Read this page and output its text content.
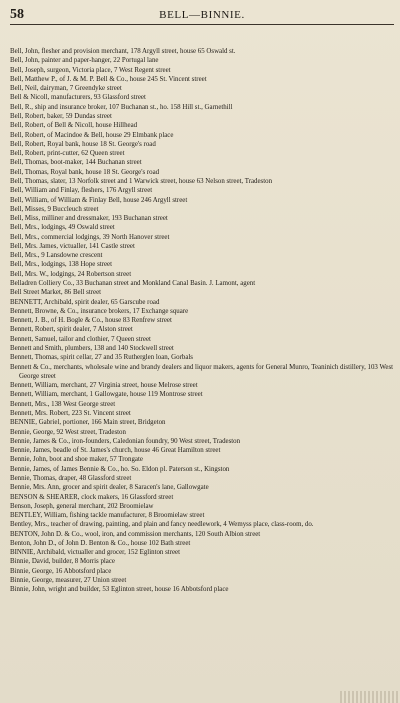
58	BELL—BINNIE.
Bell, John, flesher and provision merchant, 178 Argyll street, house 65 Oswald st.
Bell, John, painter and paper-hanger, 22 Portugal lane
Bell, Joseph, surgeon, Victoria place, 7 West Regent street
Bell, Matthew P., of J. & M. P. Bell & Co., house 245 St. Vincent street
Bell, Neil, dairyman, 7 Greendyke street
Bell & Nicoll, manufacturers, 93 Glassford street
Bell, R., ship and insurance broker, 107 Buchanan st., ho. 158 Hill st., Garnethill
Bell, Robert, baker, 59 Dundas street
Bell, Robert, of Bell & Nicoll, house Hillhead
Bell, Robert, of Macindoe & Bell, house 29 Elmbank place
Bell, Robert, Royal bank, house 18 St. George's road
Bell, Robert, print-cutter, 62 Queen street
Bell, Thomas, boot-maker, 144 Buchanan street
Bell, Thomas, Royal bank, house 18 St. George's road
Bell, Thomas, slater, 13 Norfolk street and 1 Warwick street, house 63 Nelson street, Tradeston
Bell, William and Finlay, fleshers, 176 Argyll street
Bell, William, of William & Finlay Bell, house 246 Argyll street
Bell, Misses, 9 Buccleuch street
Bell, Miss, milliner and dressmaker, 193 Buchanan street
Bell, Mrs., lodgings, 49 Oswald street
Bell, Mrs., commercial lodgings, 39 North Hanover street
Bell, Mrs. James, victualler, 141 Castle street
Bell, Mrs., 9 Lansdowne crescent
Bell, Mrs., lodgings, 138 Hope street
Bell, Mrs. W., lodgings, 24 Robertson street
Belladren Colliery Co., 33 Buchanan street and Monkland Canal Basin. J. Lamont, agent
Bell Street Market, 86 Bell street
BENNETT, Archibald, spirit dealer, 65 Garscube road
Bennett, Browne, & Co., insurance brokers, 17 Exchange square
Bennett, J. B., of H. Bogle & Co., house 83 Renfrew street
Bennett, Robert, spirit dealer, 7 Alston street
Bennett, Samuel, tailor and clothier, 7 Queen street
Bennett and Smith, plumbers, 138 and 140 Stockwell street
Bennett, Thomas, spirit cellar, 27 and 35 Rutherglen loan, Gorbals
Bennett & Co., merchants, wholesale wine and brandy dealers and liquor makers, agents for General Munro, Teaninich distillery, 103 West George street
Bennett, William, merchant, 27 Virginia street, house Melrose street
Bennett, William, merchant, 1 Gallowgate, house 119 Montrose street
Bennett, Mrs., 138 West George street
Bennett, Mrs. Robert, 223 St. Vincent street
BENNIE, Gabriel, portioner, 166 Main street, Bridgeton
Bennie, George, 92 West street, Tradeston
Bennie, James & Co., iron-founders, Caledonian foundry, 90 West street, Tradeston
Bennie, James, beadle of St. James's church, house 46 Great Hamilton street
Bennie, John, boot and shoe maker, 57 Trongate
Bennie, James, of James Bennie & Co., ho. So. Eldon pl. Paterson st., Kingston
Bennie, Thomas, draper, 48 Glassford street
Bennie, Mrs. Ann, grocer and spirit dealer, 8 Saracen's lane, Gallowgate
BENSON & SHEARER, clock makers, 16 Glassford street
Benson, Joseph, general merchant, 202 Broomielaw
BENTLEY, William, fishing tackle manufacturer, 8 Broomielaw street
Bentley, Mrs., teacher of drawing, painting, and plain and fancy needlework, 4 Wemyss place, class-room, do.
BENTON, John D. & Co., wool, iron, and commission merchants, 120 South Albion street
Benton, John D., of John D. Benton & Co., house 102 Bath street
BINNIE, Archibald, victualler and grocer, 152 Eglinton street
Binnie, David, builder, 8 Morris place
Binnie, George, 16 Abbotsford place
Binnie, George, measurer, 27 Union street
Binnie, John, wright and builder, 53 Eglinton street, house 16 Abbotsford place
